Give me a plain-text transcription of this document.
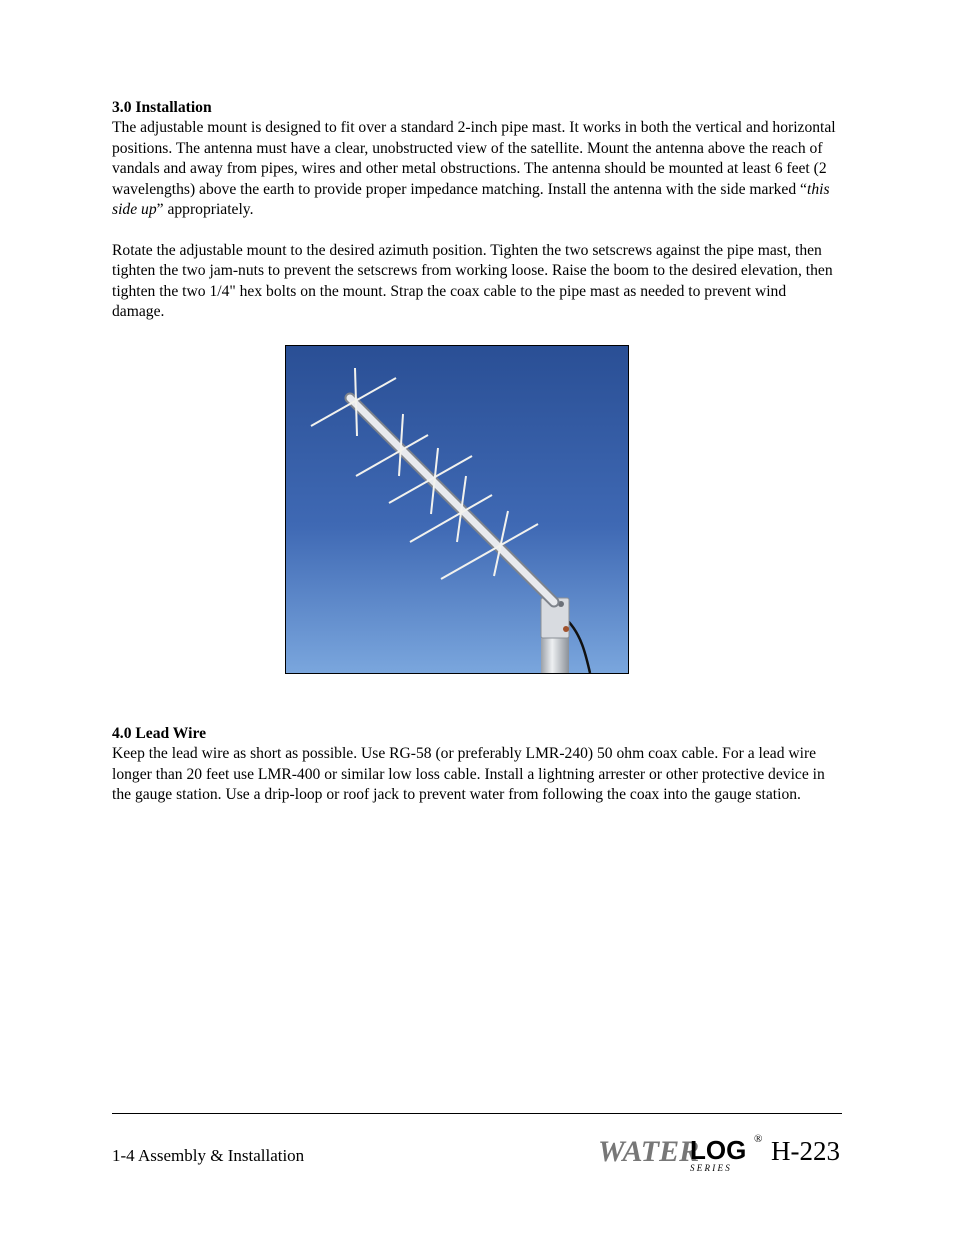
3.0 Installation

The adjustable mount is designed to fit over a standard 2-inch pipe mast. It works in both the vertical and horizontal positions. The antenna must have a clear, unobstructed view of the satellite. Mount the antenna above the reach of vandals and away from pipes, wires and other metal obstructions. The antenna should be mounted at least 6 feet (2 wavelengths) above the earth to provide proper impedance matching. Install the antenna with the side marked “this side up” appropriately.

Rotate the adjustable mount to the desired azimuth position. Tighten the two setscrews against the pipe mast, then tighten the two jam-nuts to prevent the setscrews from working loose. Raise the boom to the desired elevation, then tighten the two 1/4" hex bolts on the mount. Strap the coax cable to the pipe mast as needed to prevent wind damage.

4.0 Lead Wire

Keep the lead wire as short as possible. Use RG-58 (or preferably LMR-240) 50 ohm coax cable. For a lead wire longer than 20 feet use LMR-400 or similar low loss cable. Install a lightning arrester or other protective device in the gauge station. Use a drip-loop or roof jack to prevent water from following the coax into the gauge station.

1-4 Assembly & Installation	WATER
LOG
S E R I E S
® H-223
